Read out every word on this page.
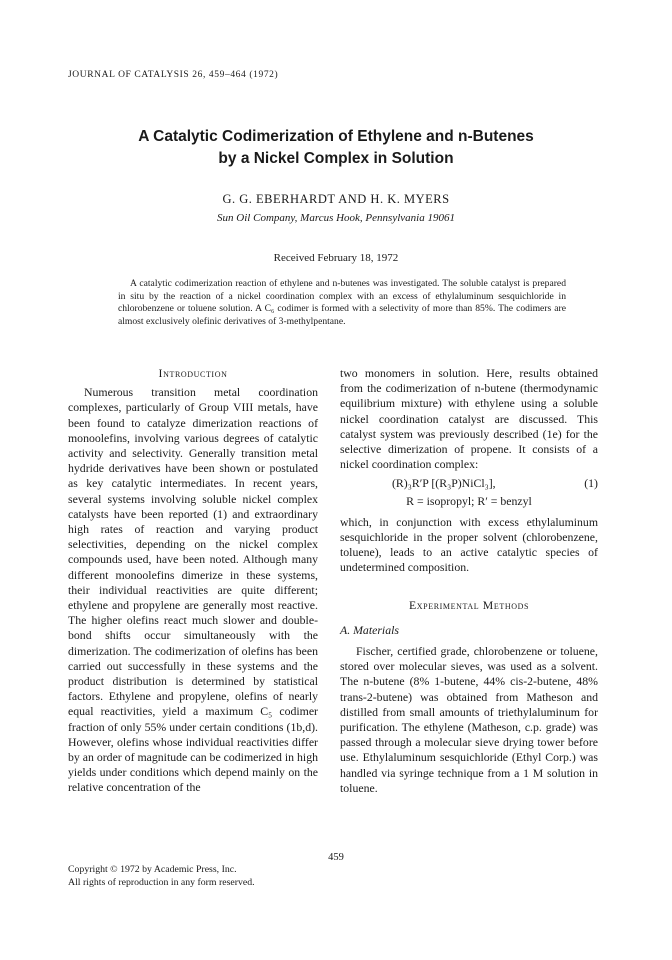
JOURNAL OF CATALYSIS 26, 459–464 (1972)
A Catalytic Codimerization of Ethylene and n-Butenes
by a Nickel Complex in Solution
G. G. EBERHARDT AND H. K. MYERS
Sun Oil Company, Marcus Hook, Pennsylvania 19061
Received February 18, 1972
A catalytic codimerization reaction of ethylene and n-butenes was investigated. The soluble catalyst is prepared in situ by the reaction of a nickel coordination complex with an excess of ethylaluminum sesquichloride in chlorobenzene or toluene solution. A C₆ codimer is formed with a selectivity of more than 85%. The codimers are almost exclusively olefinic derivatives of 3-methylpentane.
Introduction

Numerous transition metal coordination complexes, particularly of Group VIII metals, have been found to catalyze dimerization reactions of monoolefins, involving various degrees of catalytic activity and selectivity. Generally transition metal hydride derivatives have been shown or postulated as key catalytic intermediates. In recent years, several systems involving soluble nickel complex catalysts have been reported (1) and extraordinary high rates of reaction and varying product selectivities, depending on the nickel complex compounds used, have been noted. Although many different monoolefins dimerize in these systems, their individual reactivities are quite different; ethylene and propylene are generally most reactive. The higher olefins react much slower and double-bond shifts occur simultaneously with the dimerization. The codimerization of olefins has been carried out successfully in these systems and the product distribution is determined by statistical factors. Ethylene and propylene, olefins of nearly equal reactivities, yield a maximum C₅ codimer fraction of only 55% under certain conditions (1b,d). However, olefins whose individual reactivities differ by an order of magnitude can be codimerized in high yields under conditions which depend mainly on the relative concentration of the

two monomers in solution. Here, results obtained from the codimerization of n-butene (thermodynamic equilibrium mixture) with ethylene using a soluble nickel coordination catalyst are discussed. This catalyst system was previously described (1e) for the selective dimerization of propene. It consists of a nickel coordination complex:

(R)₃R′P [(R₃P)NiCl₃],	(1)
R = isopropyl; R′ = benzyl

which, in conjunction with excess ethylaluminum sesquichloride in the proper solvent (chlorobenzene, toluene), leads to an active catalytic species of undetermined composition.

Experimental Methods
A. Materials

Fischer, certified grade, chlorobenzene or toluene, stored over molecular sieves, was used as a solvent. The n-butene (8% 1-butene, 44% cis-2-butene, 48% trans-2-butene) was obtained from Matheson and distilled from small amounts of triethylaluminum for purification. The ethylene (Matheson, c.p. grade) was passed through a molecular sieve drying tower before use. Ethylaluminum sesquichloride (Ethyl Corp.) was handled via syringe technique from a 1 M solution in toluene.

459
Copyright © 1972 by Academic Press, Inc.
All rights of reproduction in any form reserved.
